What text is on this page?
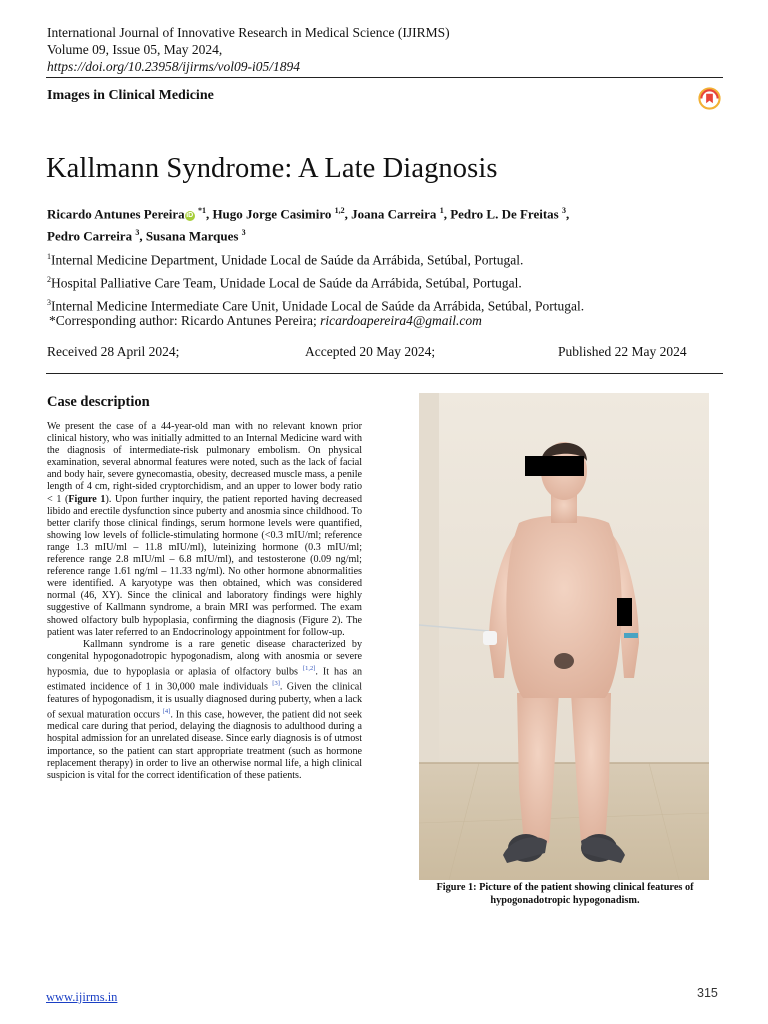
International Journal of Innovative Research in Medical Science (IJIRMS)
Volume 09, Issue 05, May 2024,
https://doi.org/10.23958/ijirms/vol09-i05/1894
Images in Clinical Medicine
Kallmann Syndrome: A Late Diagnosis
Ricardo Antunes Pereira iD $^{*1}$, Hugo Jorge Casimiro $^{1,2}$, Joana Carreira $^1$, Pedro L. De Freitas $^3$,
Pedro Carreira $^3$, Susana Marques $^3$
$^1$Internal Medicine Department, Unidade Local de Saúde da Arrábida, Setúbal, Portugal.
$^2$Hospital Palliative Care Team, Unidade Local de Saúde da Arrábida, Setúbal, Portugal.
$^3$Internal Medicine Intermediate Care Unit, Unidade Local de Saúde da Arrábida, Setúbal, Portugal.
*Corresponding author: Ricardo Antunes Pereira; ricardoapereira4@gmail.com
Received 28 April 2024;	Accepted 20 May 2024;	Published 22 May 2024
Case description

We present the case of a 44-year-old man with no relevant known prior clinical history, who was initially admitted to an Internal Medicine ward with the diagnosis of intermediate-risk pulmonary embolism. On physical examination, several abnormal features were noted, such as the lack of facial and body hair, severe gynecomastia, obesity, decreased muscle mass, a penile length of 4 cm, right-sided cryptorchidism, and an upper to lower body ratio < 1 (Figure 1). Upon further inquiry, the patient reported having decreased libido and erectile dysfunction since puberty and anosmia since childhood. To better clarify those clinical findings, serum hormone levels were quantified, showing low levels of follicle-stimulating hormone (<0.3 mIU/ml; reference range 1.3 mIU/ml – 11.8 mIU/ml), luteinizing hormone (0.3 mIU/ml; reference range 2.8 mIU/ml – 6.8 mIU/ml), and testosterone (0.09 ng/ml; reference range 1.61 ng/ml – 11.33 ng/ml). No other hormone abnormalities were identified. A karyotype was then obtained, which was considered normal (46, XY). Since the clinical and laboratory findings were highly suggestive of Kallmann syndrome, a brain MRI was performed. The exam showed olfactory bulb hypoplasia, confirming the diagnosis (Figure 2). The patient was later referred to an Endocrinology appointment for follow-up.

Kallmann syndrome is a rare genetic disease characterized by congenital hypogonadotropic hypogonadism, along with anosmia or severe hyposmia, due to hypoplasia or aplasia of olfactory bulbs [1,2]. It has an estimated incidence of 1 in 30,000 male individuals [3]. Given the clinical features of hypogonadism, it is usually diagnosed during puberty, when a lack of sexual maturation occurs [4]. In this case, however, the patient did not seek medical care during that period, delaying the diagnosis to adulthood during a hospital admission for an unrelated disease. Since early diagnosis is of utmost importance, so the patient can start appropriate treatment (such as hormone replacement therapy) in order to live an otherwise normal life, a high clinical suspicion is vital for the correct identification of these patients.

Figure 1: Picture of the patient showing clinical features of hypogonadotropic hypogonadism.
www.ijirms.in	315
